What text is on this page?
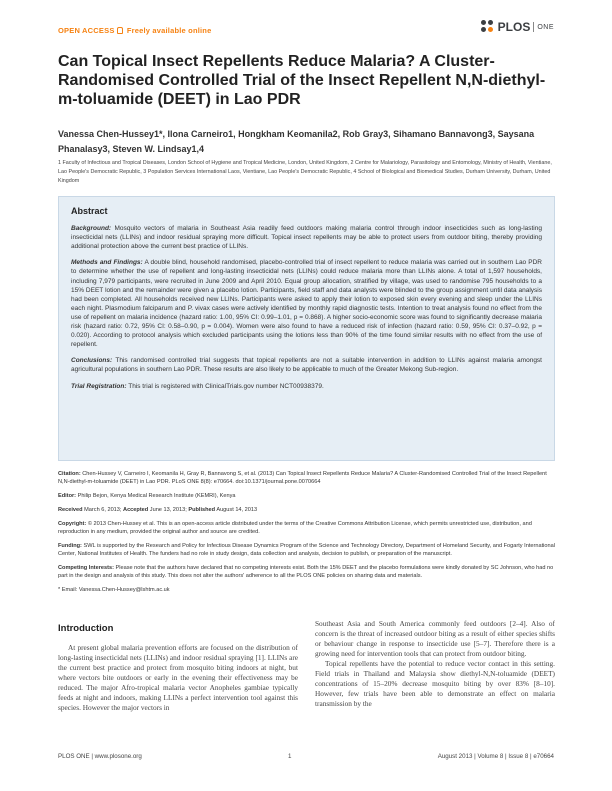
OPEN ACCESS Freely available online	PLOS ONE
Can Topical Insect Repellents Reduce Malaria? A Cluster-Randomised Controlled Trial of the Insect Repellent N,N-diethyl-m-toluamide (DEET) in Lao PDR
Vanessa Chen-Hussey1*, Ilona Carneiro1, Hongkham Keomanila2, Rob Gray3, Sihamano Bannavong3, Saysana Phanalasy3, Steven W. Lindsay1,4
1 Faculty of Infectious and Tropical Diseases, London School of Hygiene and Tropical Medicine, London, United Kingdom, 2 Centre for Malariology, Parasitology and Entomology, Ministry of Health, Vientiane, Lao People's Democratic Republic, 3 Population Services International Laos, Vientiane, Lao People's Democratic Republic, 4 School of Biological and Biomedical Studies, Durham University, Durham, United Kingdom
Abstract

Background: Mosquito vectors of malaria in Southeast Asia readily feed outdoors making malaria control through indoor insecticides such as long-lasting insecticidal nets (LLINs) and indoor residual spraying more difficult. Topical insect repellents may be able to protect users from outdoor biting, thereby providing additional protection above the current best practice of LLINs.

Methods and Findings: A double blind, household randomised, placebo-controlled trial of insect repellent to reduce malaria was carried out in southern Lao PDR to determine whether the use of repellent and long-lasting insecticidal nets (LLINs) could reduce malaria more than LLINs alone. A total of 1,597 households, including 7,979 participants, were recruited in June 2009 and April 2010. Equal group allocation, stratified by village, was used to randomise 795 households to a 15% DEET lotion and the remainder were given a placebo lotion. Participants, field staff and data analysts were blinded to the group assignment until data analysis had been completed. All households received new LLINs. Participants were asked to apply their lotion to exposed skin every evening and sleep under the LLINs each night. Plasmodium falciparum and P. vivax cases were actively identified by monthly rapid diagnostic tests. Intention to treat analysis found no effect from the use of repellent on malaria incidence (hazard ratio: 1.00, 95% CI: 0.99–1.01, p = 0.868). A higher socio-economic score was found to significantly decrease malaria risk (hazard ratio: 0.72, 95% CI: 0.58–0.90, p = 0.004). Women were also found to have a reduced risk of infection (hazard ratio: 0.59, 95% CI: 0.37–0.92, p = 0.020). According to protocol analysis which excluded participants using the lotions less than 90% of the time found similar results with no effect from the use of repellent.

Conclusions: This randomised controlled trial suggests that topical repellents are not a suitable intervention in addition to LLINs against malaria amongst agricultural populations in southern Lao PDR. These results are also likely to be applicable to much of the Greater Mekong Sub-region.

Trial Registration: This trial is registered with ClinicalTrials.gov number NCT00938379.

Citation: Chen-Hussey V, Carneiro I, Keomanila H, Gray R, Bannavong S, et al. (2013) Can Topical Insect Repellents Reduce Malaria? A Cluster-Randomised Controlled Trial of the Insect Repellent N,N-diethyl-m-toluamide (DEET) in Lao PDR. PLoS ONE 8(8): e70664. doi:10.1371/journal.pone.0070664

Editor: Philip Bejon, Kenya Medical Research Institute (KEMRI), Kenya

Received March 6, 2013; Accepted June 13, 2013; Published August 14, 2013

Copyright: © 2013 Chen-Hussey et al. This is an open-access article distributed under the terms of the Creative Commons Attribution License, which permits unrestricted use, distribution, and reproduction in any medium, provided the original author and source are credited.

Funding: SWL is supported by the Research and Policy for Infectious Disease Dynamics Program of the Science and Technology Directory, Department of Homeland Security, and Fogarty International Center, National Institutes of Health. The funders had no role in study design, data collection and analysis, decision to publish, or preparation of the manuscript.

Competing Interests: Please note that the authors have declared that no competing interests exist. Both the 15% DEET and the placebo formulations were kindly donated by SC Johnson, who had no part in the design and analysis of this study. This does not alter the authors' adherence to all the PLOS ONE policies on sharing data and materials.

* Email: Vanessa.Chen-Hussey@lshtm.ac.uk

Introduction
At present global malaria prevention efforts are focused on the distribution of long-lasting insecticidal nets (LLINs) and indoor residual spraying [1]. LLINs are the current best practice and protect from mosquito biting indoors at night, but where vectors bite outdoors or early in the evening their effectiveness may be reduced. The major Afro-tropical malaria vector Anopheles gambiae typically feeds at night and indoors, making LLINs a perfect intervention tool against this species. However the major vectors in
Southeast Asia and South America commonly feed outdoors [2–4]. Also of concern is the threat of increased outdoor biting as a result of either species shifts or behaviour change in response to insecticide use [5–7]. Therefore there is a growing need for intervention tools that can protect from outdoor biting.
Topical repellents have the potential to reduce vector contact in this setting. Field trials in Thailand and Malaysia show diethyl-N,N-toluamide (DEET) concentrations of 15–20% decrease mosquito biting by over 83% [8–10]. However, few trials have been able to demonstrate an effect on malaria transmission by the
PLOS ONE | www.plosone.org	1	August 2013 | Volume 8 | Issue 8 | e70664
